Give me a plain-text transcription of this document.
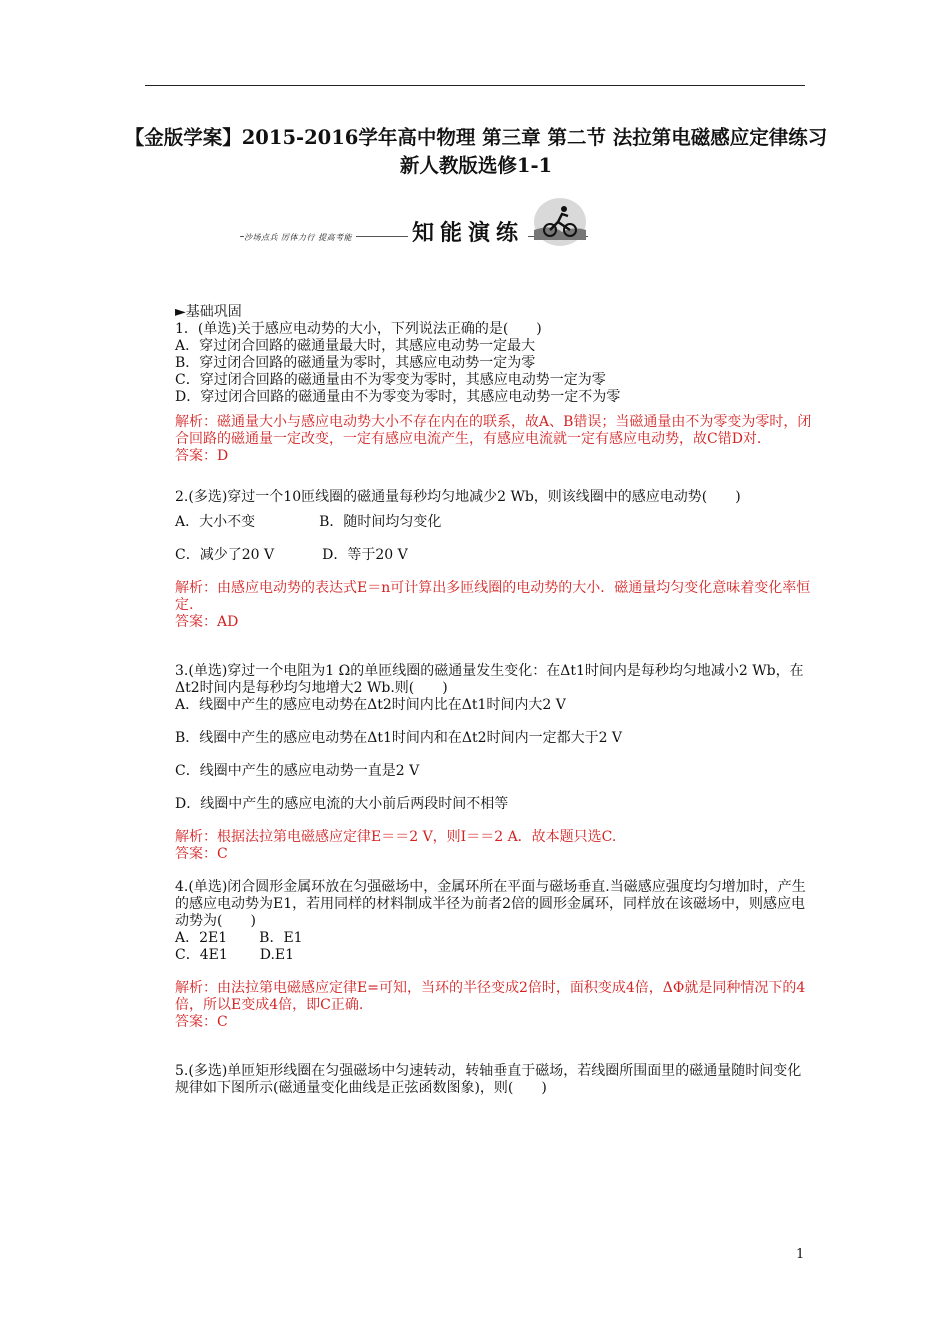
【金版学案】2015-2016学年高中物理 第三章 第二节 法拉第电磁感应定律练习 新人教版选修1-1
沙场点兵 厉体力行 提高考能	知能演练

►基础巩固

1．(单选)关于感应电动势的大小，下列说法正确的是(　　)

A．穿过闭合回路的磁通量最大时，其感应电动势一定最大

B．穿过闭合回路的磁通量为零时，其感应电动势一定为零

C．穿过闭合回路的磁通量由不为零变为零时，其感应电动势一定为零

D．穿过闭合回路的磁通量由不为零变为零时，其感应电动势一定不为零

解析：磁通量大小与感应电动势大小不存在内在的联系，故A、B错误；当磁通量由不为零变为零时，闭合回路的磁通量一定改变，一定有感应电流产生，有感应电流就一定有感应电动势，故C错D对.

答案：D

2.(多选)穿过一个10匝线圈的磁通量每秒均匀地减少2 Wb，则该线圈中的感应电动势(　　)

A．大小不变	B．随时间均匀变化

C．减少了20 V	D．等于20 V

解析：由感应电动势的表达式E＝n可计算出多匝线圈的电动势的大小．磁通量均匀变化意味着变化率恒定.

答案：AD

3.(单选)穿过一个电阻为1 Ω的单匝线圈的磁通量发生变化：在Δt1时间内是每秒均匀地减小2 Wb，在Δt2时间内是每秒均匀地增大2 Wb.则(　　)

A．线圈中产生的感应电动势在Δt2时间内比在Δt1时间内大2 V

B．线圈中产生的感应电动势在Δt1时间内和在Δt2时间内一定都大于2 V

C．线圈中产生的感应电动势一直是2 V

D．线圈中产生的感应电流的大小前后两段时间不相等

解析：根据法拉第电磁感应定律E＝＝2 V，则I＝＝2 A．故本题只选C.

答案：C

4.(单选)闭合圆形金属环放在匀强磁场中，金属环所在平面与磁场垂直.当磁感应强度均匀增加时，产生的感应电动势为E1，若用同样的材料制成半径为前者2倍的圆形金属环，同样放在该磁场中，则感应电动势为(　　)

A．2E1 B．E1

C．4E1 D.E1

解析：由法拉第电磁感应定律E=可知，当环的半径变成2倍时，面积变成4倍，ΔΦ就是同种情况下的4倍，所以E变成4倍，即C正确.

答案：C

5.(多选)单匝矩形线圈在匀强磁场中匀速转动，转轴垂直于磁场，若线圈所围面里的磁通量随时间变化规律如下图所示(磁通量变化曲线是正弦函数图象)，则(　　)

1
